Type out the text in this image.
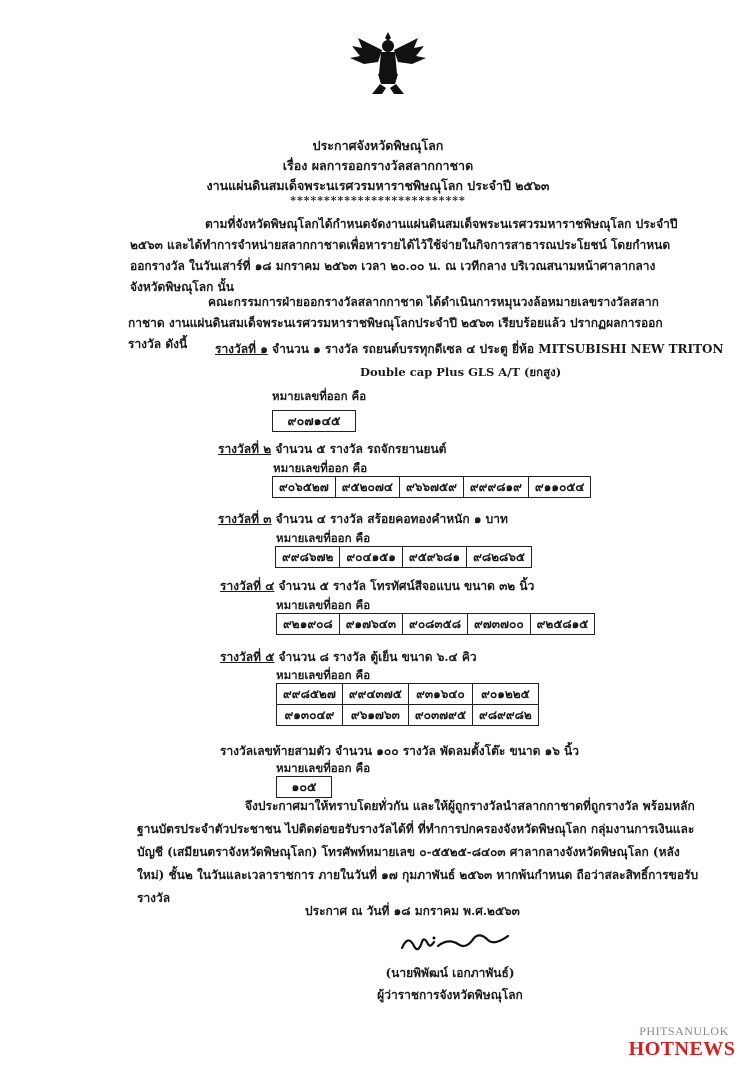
ประกาศจังหวัดพิษณุโลก
เรื่อง ผลการออกรางวัลสลากกาชาด
งานแผ่นดินสมเด็จพระนเรศวรมหาราชพิษณุโลก ประจำปี ๒๕๖๓
**************************
ตามที่จังหวัดพิษณุโลกได้กำหนดจัดงานแผ่นดินสมเด็จพระนเรศวรมหาราชพิษณุโลก ประจำปี ๒๕๖๓ และได้ทำการจำหน่ายสลากกาชาดเพื่อหารายได้ไว้ใช้จ่ายในกิจการสาธารณประโยชน์ โดยกำหนดออกรางวัล ในวันเสาร์ที่ ๑๘ มกราคม ๒๕๖๓ เวลา ๒๐.๐๐ น. ณ เวทีกลาง บริเวณสนามหน้าศาลากลางจังหวัดพิษณุโลก นั้น
คณะกรรมการฝ่ายออกรางวัลสลากกาชาด ได้ดำเนินการหมุนวงล้อหมายเลขรางวัลสลากกาชาด งานแผ่นดินสมเด็จพระนเรศวรมหาราชพิษณุโลกประจำปี ๒๕๖๓ เรียบร้อยแล้ว ปรากฏผลการออกรางวัล ดังนี้	รางวัลที่ ๑ จำนวน ๑ รางวัล รถยนต์บรรทุกดีเซล ๔ ประตู ยี่ห้อ MITSUBISHI NEW TRITON
Double cap Plus GLS A/T (ยกสูง)
หมายเลขที่ออก คือ
๙๐๗๑๔๕
รางวัลที่ ๒ จำนวน ๕ รางวัล รถจักรยานยนต์
หมายเลขที่ออก คือ
๙๐๖๕๒๗	๙๕๒๐๗๔	๙๖๖๗๕๙	๙๙๙๘๑๙	๙๑๑๐๕๔
รางวัลที่ ๓ จำนวน ๔ รางวัล สร้อยคอทองคำหนัก ๑ บาท
หมายเลขที่ออก คือ
๙๙๘๖๗๒	๙๐๔๑๕๑	๙๕๙๖๘๑	๙๘๒๘๖๕
รางวัลที่ ๔ จำนวน ๕ รางวัล โทรทัศน์สีจอแบน ขนาด ๓๒ นิ้ว
หมายเลขที่ออก คือ
๙๒๑๙๐๘	๙๑๗๖๔๓	๙๐๘๓๕๘	๙๗๓๗๐๐	๙๒๕๘๑๕
รางวัลที่ ๕ จำนวน ๘ รางวัล ตู้เย็น ขนาด ๖.๔ คิว
หมายเลขที่ออก คือ
๙๙๘๕๒๗	๙๙๔๓๗๕	๙๓๑๖๔๐	๙๐๑๒๒๕
๙๑๓๐๔๙	๙๖๑๗๖๓	๙๐๓๗๙๕	๙๘๙๙๘๒
รางวัลเลขท้ายสามตัว จำนวน ๑๐๐ รางวัล พัดลมตั้งโต๊ะ ขนาด ๑๖ นิ้ว
หมายเลขที่ออก คือ
๑๐๕
จึงประกาศมาให้ทราบโดยทั่วกัน และให้ผู้ถูกรางวัลนำสลากกาชาดที่ถูกรางวัล พร้อมหลักฐานบัตรประจำตัวประชาชน ไปติดต่อขอรับรางวัลได้ที่ ที่ทำการปกครองจังหวัดพิษณุโลก กลุ่มงานการเงินและบัญชี (เสมียนตราจังหวัดพิษณุโลก) โทรศัพท์หมายเลข ๐-๕๕๒๕-๘๔๐๓ ศาลากลางจังหวัดพิษณุโลก (หลังใหม่) ชั้น๒ ในวันและเวลาราชการ ภายในวันที่ ๑๗ กุมภาพันธ์ ๒๕๖๓ หากพ้นกำหนด ถือว่าสละสิทธิ์การขอรับรางวัล
ประกาศ ณ วันที่ ๑๘ มกราคม พ.ศ.๒๕๖๓
(นายพิพัฒน์ เอกภาพันธ์)
ผู้ว่าราชการจังหวัดพิษณุโลก
PHITSANULOK
HOTNEWS
